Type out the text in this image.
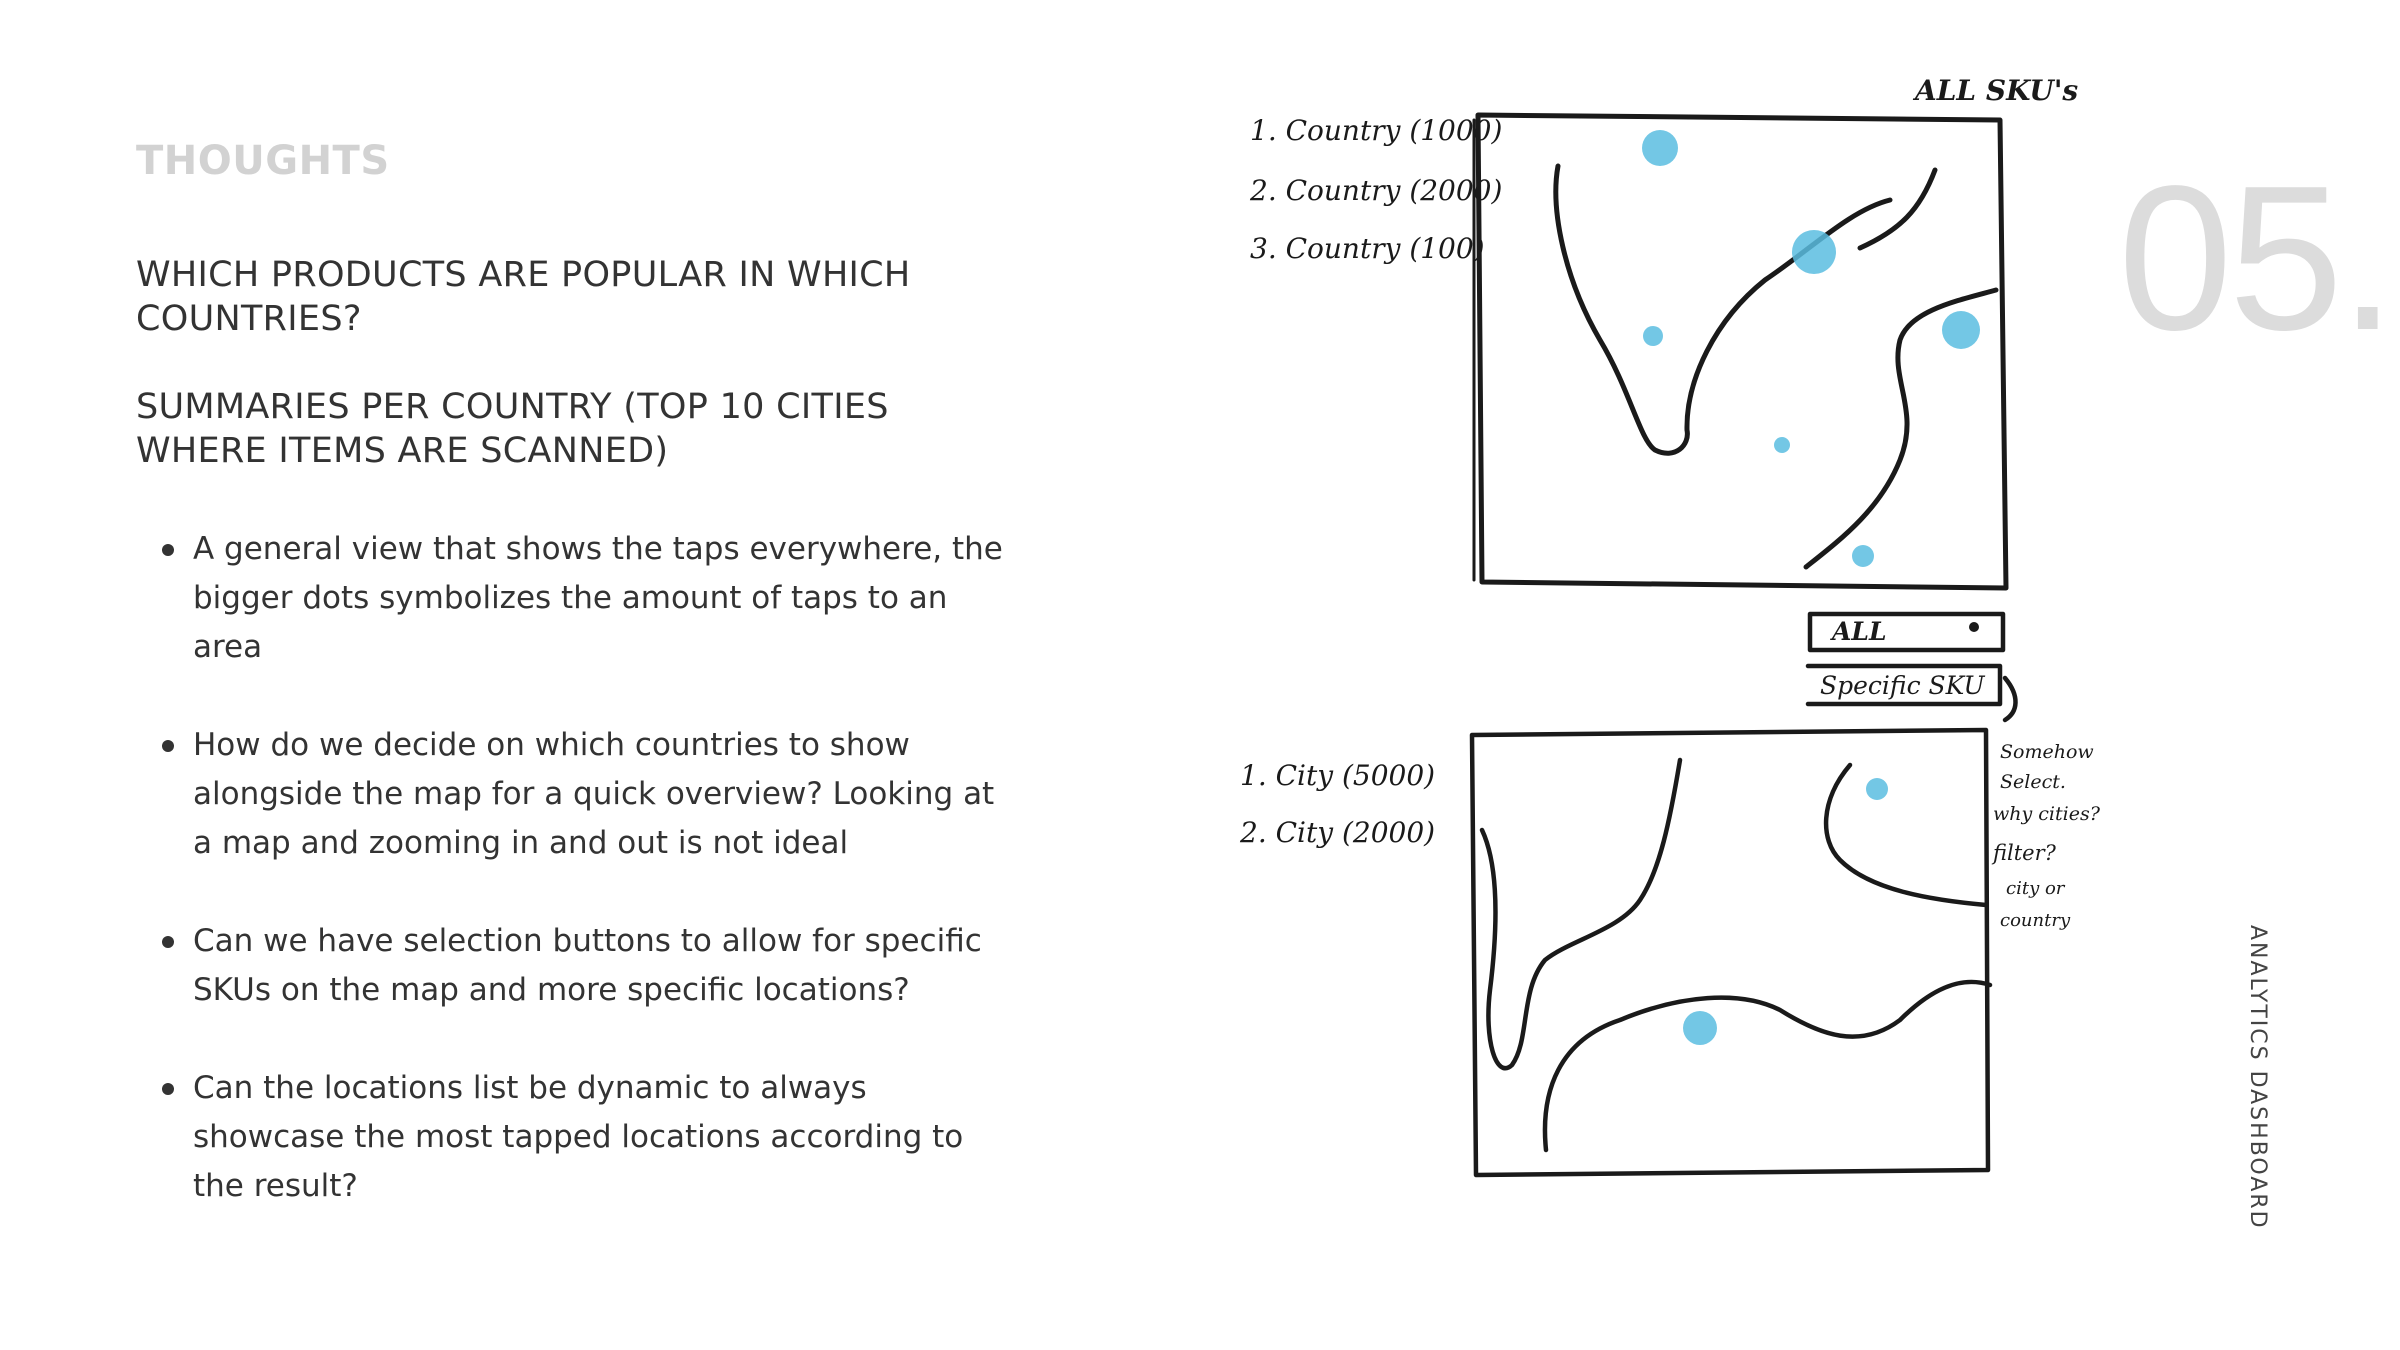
THOUGHTS
WHICH PRODUCTS ARE POPULAR IN WHICH COUNTRIES?
SUMMARIES PER COUNTRY (TOP 10 CITIES WHERE ITEMS ARE SCANNED)
A general view that shows the taps everywhere, the bigger dots symbolizes the amount of taps to an area
How do we decide on which countries to show alongside the map for a quick overview? Looking at a map and zooming in and out is not ideal
Can we have selection buttons to allow for specific SKUs on the map and more specific locations?
Can the locations list be dynamic to always showcase the most tapped locations according to the result?
05.
ANALYTICS DASHBOARD
ALL SKU's
1. Country (1000)
2. Country (2000)
3. Country (100)
ALL
Specific SKU
Somehow
Select.
why cities?
filter?
city or
country
1. City (5000)
2. City (2000)
